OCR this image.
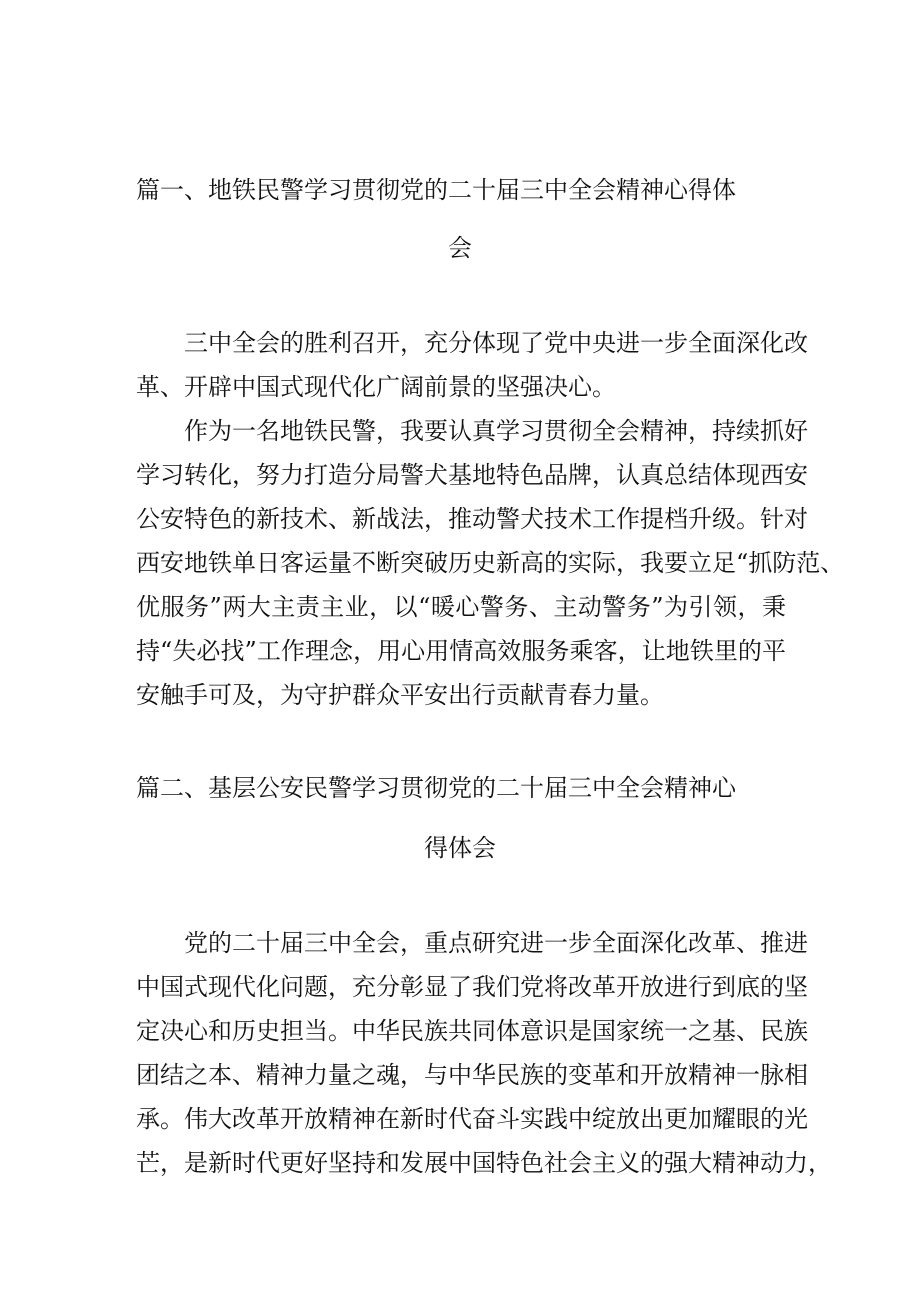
篇一、地铁民警学习贯彻党的二十届三中全会精神心得体
会
三中全会的胜利召开，充分体现了党中央进一步全面深化改
革、开辟中国式现代化广阔前景的坚强决心。
作为一名地铁民警，我要认真学习贯彻全会精神，持续抓好
学习转化，努力打造分局警犬基地特色品牌，认真总结体现西安
公安特色的新技术、新战法，推动警犬技术工作提档升级。针对
西安地铁单日客运量不断突破历史新高的实际，我要立足“抓防范、
优服务”两大主责主业，以“暖心警务、主动警务”为引领，秉
持“失必找”工作理念，用心用情高效服务乘客，让地铁里的平
安触手可及，为守护群众平安出行贡献青春力量。
篇二、基层公安民警学习贯彻党的二十届三中全会精神心
得体会
党的二十届三中全会，重点研究进一步全面深化改革、推进
中国式现代化问题，充分彰显了我们党将改革开放进行到底的坚
定决心和历史担当。中华民族共同体意识是国家统一之基、民族
团结之本、精神力量之魂，与中华民族的变革和开放精神一脉相
承。伟大改革开放精神在新时代奋斗实践中绽放出更加耀眼的光
芒，是新时代更好坚持和发展中国特色社会主义的强大精神动力，
